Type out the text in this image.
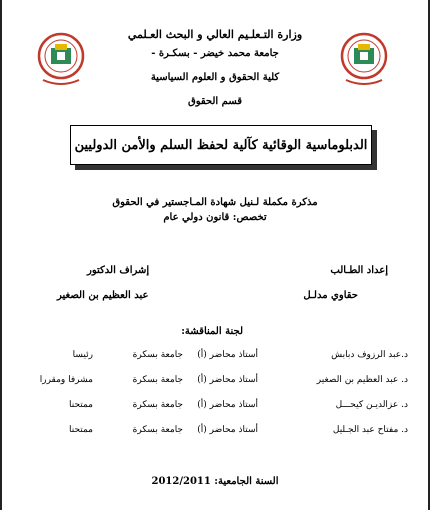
وزارة التـعلـيم العالي و البحث العـلمي
جامعة محمد خيضر - بسكـرة -
كلية الحقوق و العلوم السياسية
قسم الحقوق
الدبلوماسية الوقائية كآلية لحفظ السلم والأمن الدوليين
مذكرة مكملة لـنيل شهادة المـاجستير في الحقوق
تخصص: قانون دولي عام
إعداد الطـالب
حقاوي مدلـل
إشراف الدكتور
عبد العظيم بن الصغير
لجنة المناقشة:
د.عبد الرزوف دبابش
أستاذ محاضر (أ)
جامعة بسكرة
رئيسا
د. عبد العظيم بن الصغير
أستاذ محاضر (أ)
جامعة بسكرة
مشرفا ومقررا
د. عزالديـن كيحـــل
أستاذ محاضر (أ)
جامعة بسكرة
ممتحنا
د. مفتاح عبد الجـليل
أستاذ محاضر (أ)
جامعة بسكرة
ممتحنا
السنة الجامعية: 2012/2011
